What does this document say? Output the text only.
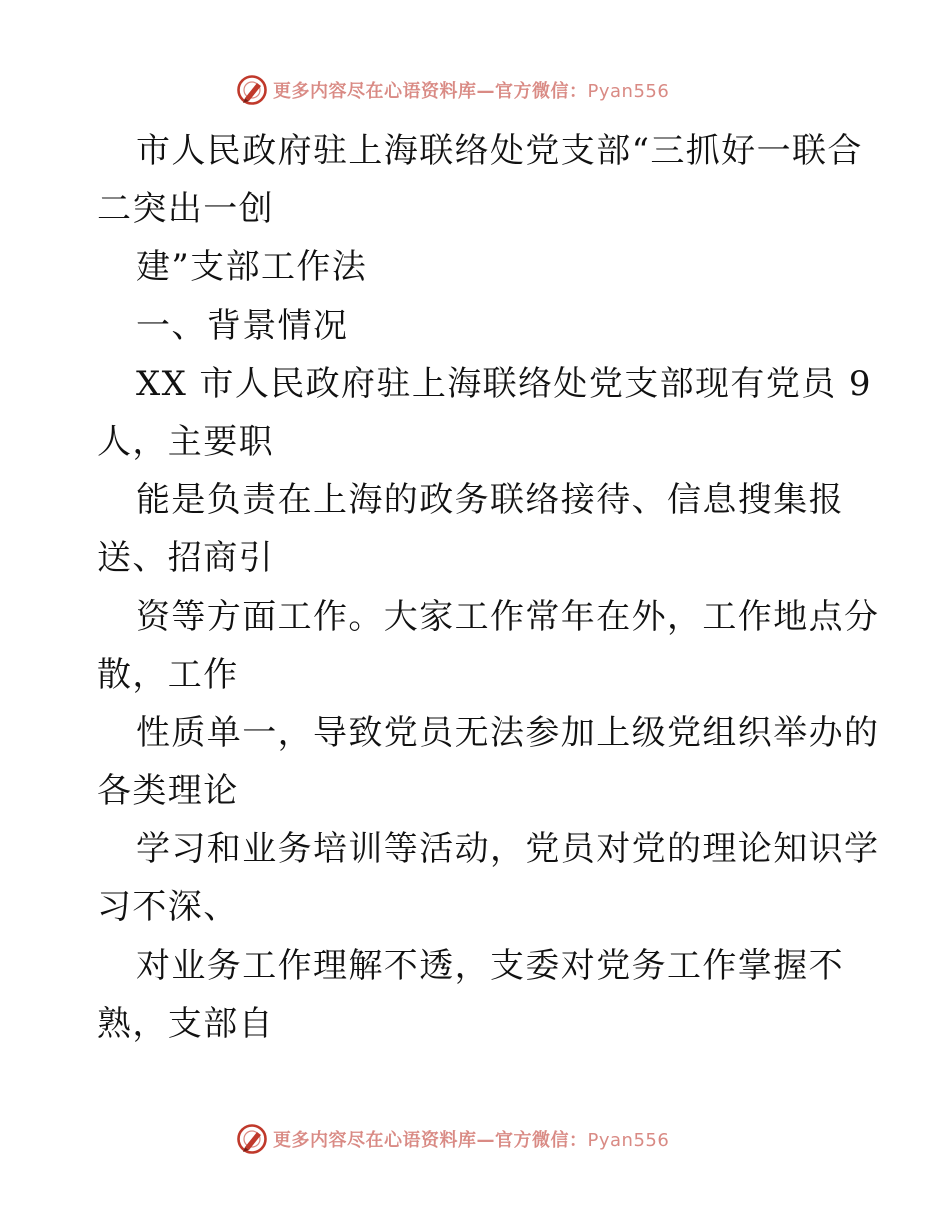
更多内容尽在心语资料库—官方微信：Pyan556
市人民政府驻上海联络处党支部“三抓好一联合
二突出一创
建”支部工作法
一、背景情况
XX 市人民政府驻上海联络处党支部现有党员 9
人，主要职
能是负责在上海的政务联络接待、信息搜集报
送、招商引
资等方面工作。大家工作常年在外，工作地点分
散，工作
性质单一，导致党员无法参加上级党组织举办的
各类理论
学习和业务培训等活动，党员对党的理论知识学
习不深、
对业务工作理解不透，支委对党务工作掌握不
熟，支部自
更多内容尽在心语资料库—官方微信：Pyan556
